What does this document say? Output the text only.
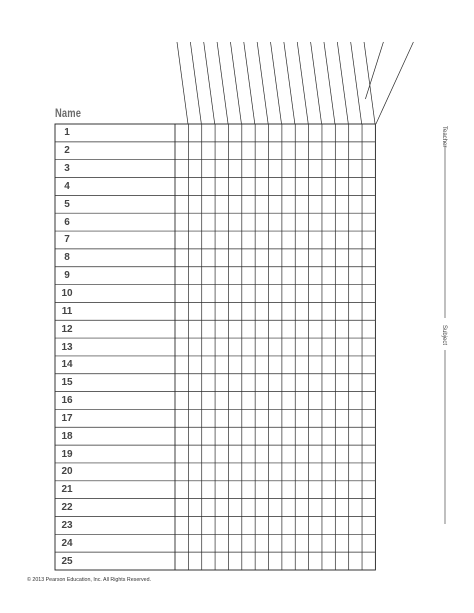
Name
1
2
3
4
5
6
7
8
9
10
11
12
13
14
15
16
17
18
19
20
21
22
23
24
25
Teacher
Subject
© 2013 Pearson Education, Inc. All Rights Reserved.
